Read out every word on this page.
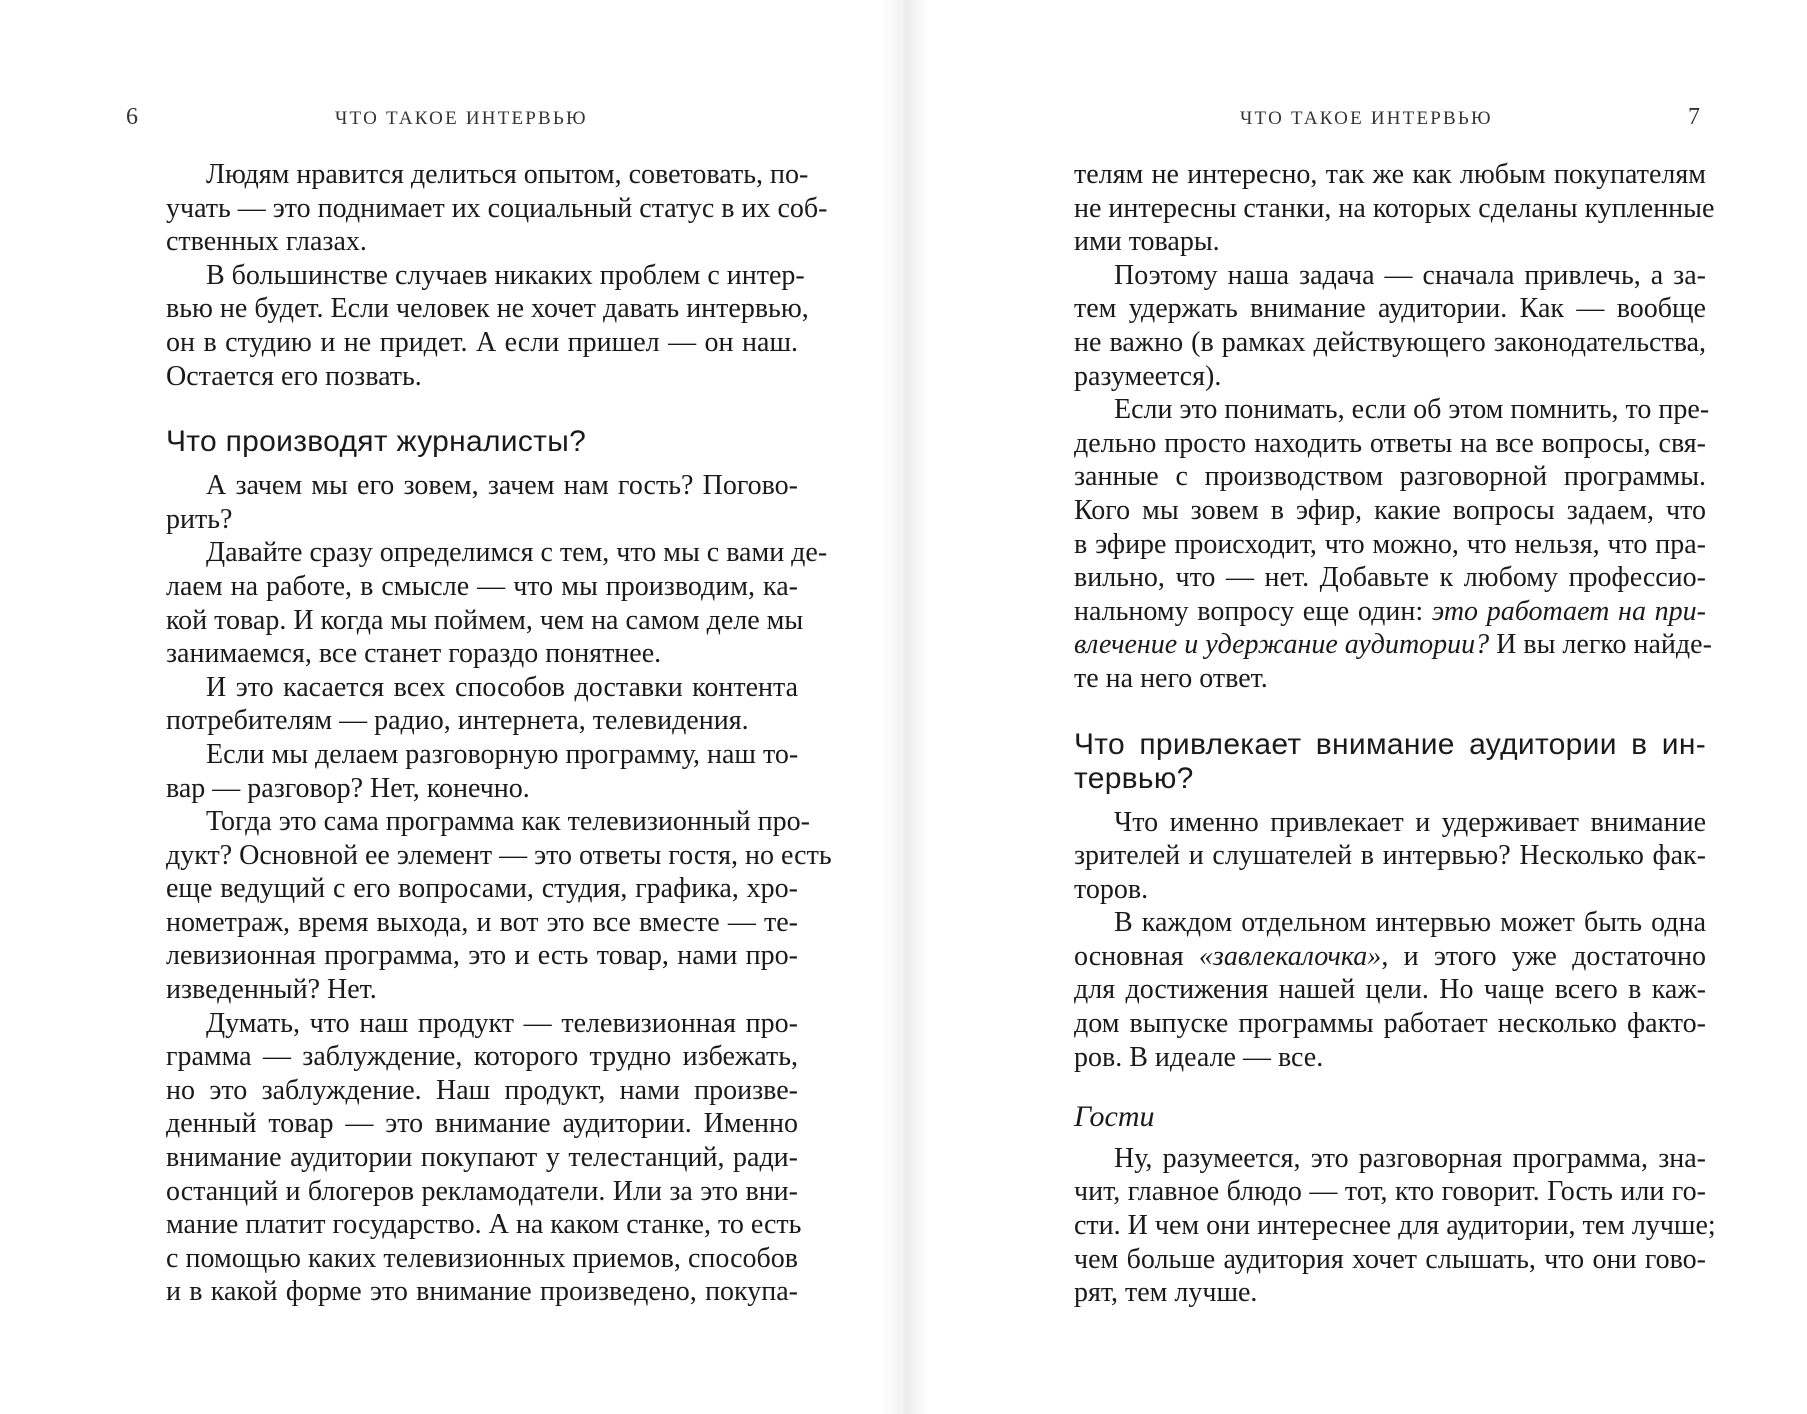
6	ЧТО ТАКОЕ ИНТЕРВЬЮ

Людям нравится делиться опытом, советовать, по-
учать — это поднимает их социальный статус в их соб-
ственных глазах.

В большинстве случаев никаких проблем с интер-
вью не будет. Если человек не хочет давать интервью,
он в студию и не придет. А если пришел — он наш.
Остается его позвать.

Что производят журналисты?

А зачем мы его зовем, зачем нам гость? Погово-
рить?

Давайте сразу определимся с тем, что мы с вами де-
лаем на работе, в смысле — что мы производим, ка-
кой товар. И когда мы поймем, чем на самом деле мы
занимаемся, все станет гораздо понятнее.

И это касается всех способов доставки контента
потребителям — радио, интернета, телевидения.

Если мы делаем разговорную программу, наш то-
вар — разговор? Нет, конечно.

Тогда это сама программа как телевизионный про-
дукт? Основной ее элемент — это ответы гостя, но есть
еще ведущий с его вопросами, студия, графика, хро-
нометраж, время выхода, и вот это все вместе — те-
левизионная программа, это и есть товар, нами про-
изведенный? Нет.

Думать, что наш продукт — телевизионная про-
грамма — заблуждение, которого трудно избежать,
но это заблуждение. Наш продукт, нами произве-
денный товар — это внимание аудитории. Именно
внимание аудитории покупают у телестанций, ради-
останций и блогеров рекламодатели. Или за это вни-
мание платит государство. А на каком станке, то есть
с помощью каких телевизионных приемов, способов
и в какой форме это внимание произведено, покупа-

ЧТО ТАКОЕ ИНТЕРВЬЮ	7

телям не интересно, так же как любым покупателям
не интересны станки, на которых сделаны купленные
ими товары.

Поэтому наша задача — сначала привлечь, а за-
тем удержать внимание аудитории. Как — вообще
не важно (в рамках действующего законодательства,
разумеется).

Если это понимать, если об этом помнить, то пре-
дельно просто находить ответы на все вопросы, свя-
занные с производством разговорной программы.
Кого мы зовем в эфир, какие вопросы задаем, что
в эфире происходит, что можно, что нельзя, что пра-
вильно, что — нет. Добавьте к любому профессио-
нальному вопросу еще один: это работает на при-
влечение и удержание аудитории? И вы легко найде-
те на него ответ.

Что привлекает внимание аудитории в ин-
тервью?

Что именно привлекает и удерживает внимание
зрителей и слушателей в интервью? Несколько фак-
торов.

В каждом отдельном интервью может быть одна
основная «завлекалочка», и этого уже достаточно
для достижения нашей цели. Но чаще всего в каж-
дом выпуске программы работает несколько факто-
ров. В идеале — все.

Гости

Ну, разумеется, это разговорная программа, зна-
чит, главное блюдо — тот, кто говорит. Гость или го-
сти. И чем они интереснее для аудитории, тем лучше;
чем больше аудитория хочет слышать, что они гово-
рят, тем лучше.
